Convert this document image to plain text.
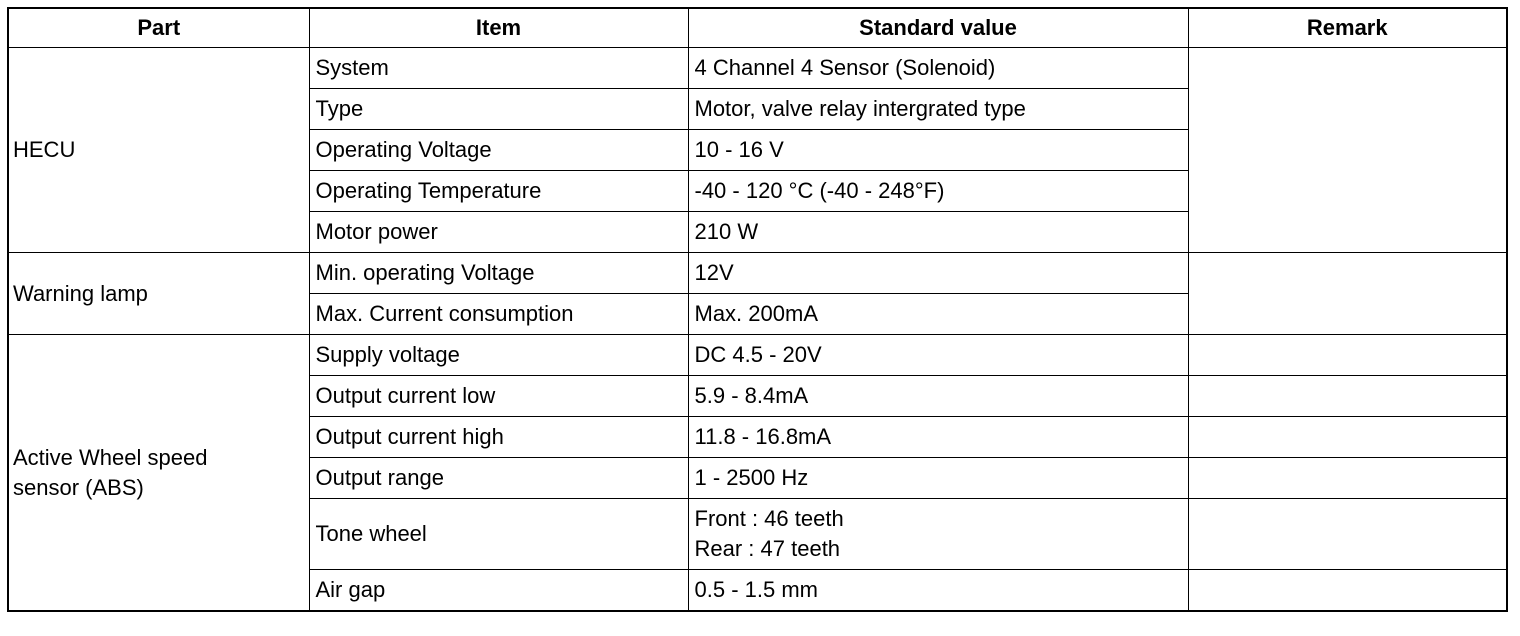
Part	Item	Standard value	Remark
HECU	System	4 Channel 4 Sensor (Solenoid)	
	Type	Motor, valve relay intergrated type	
	Operating Voltage	10 - 16 V	
	Operating Temperature	-40 - 120 °C (-40 - 248°F)	
	Motor power	210 W	
Warning lamp	Min. operating Voltage	12V	
	Max. Current consumption	Max. 200mA	

Active Wheel speed
sensor (ABS)	Supply voltage	DC 4.5 - 20V	
	Output current low	5.9 - 8.4mA	
	Output current high	11.8 - 16.8mA	
	Output range	1 - 2500 Hz	
	Tone wheel	Front : 46 teeth
Rear : 47 teeth	

	Air gap	0.5 - 1.5 mm	
